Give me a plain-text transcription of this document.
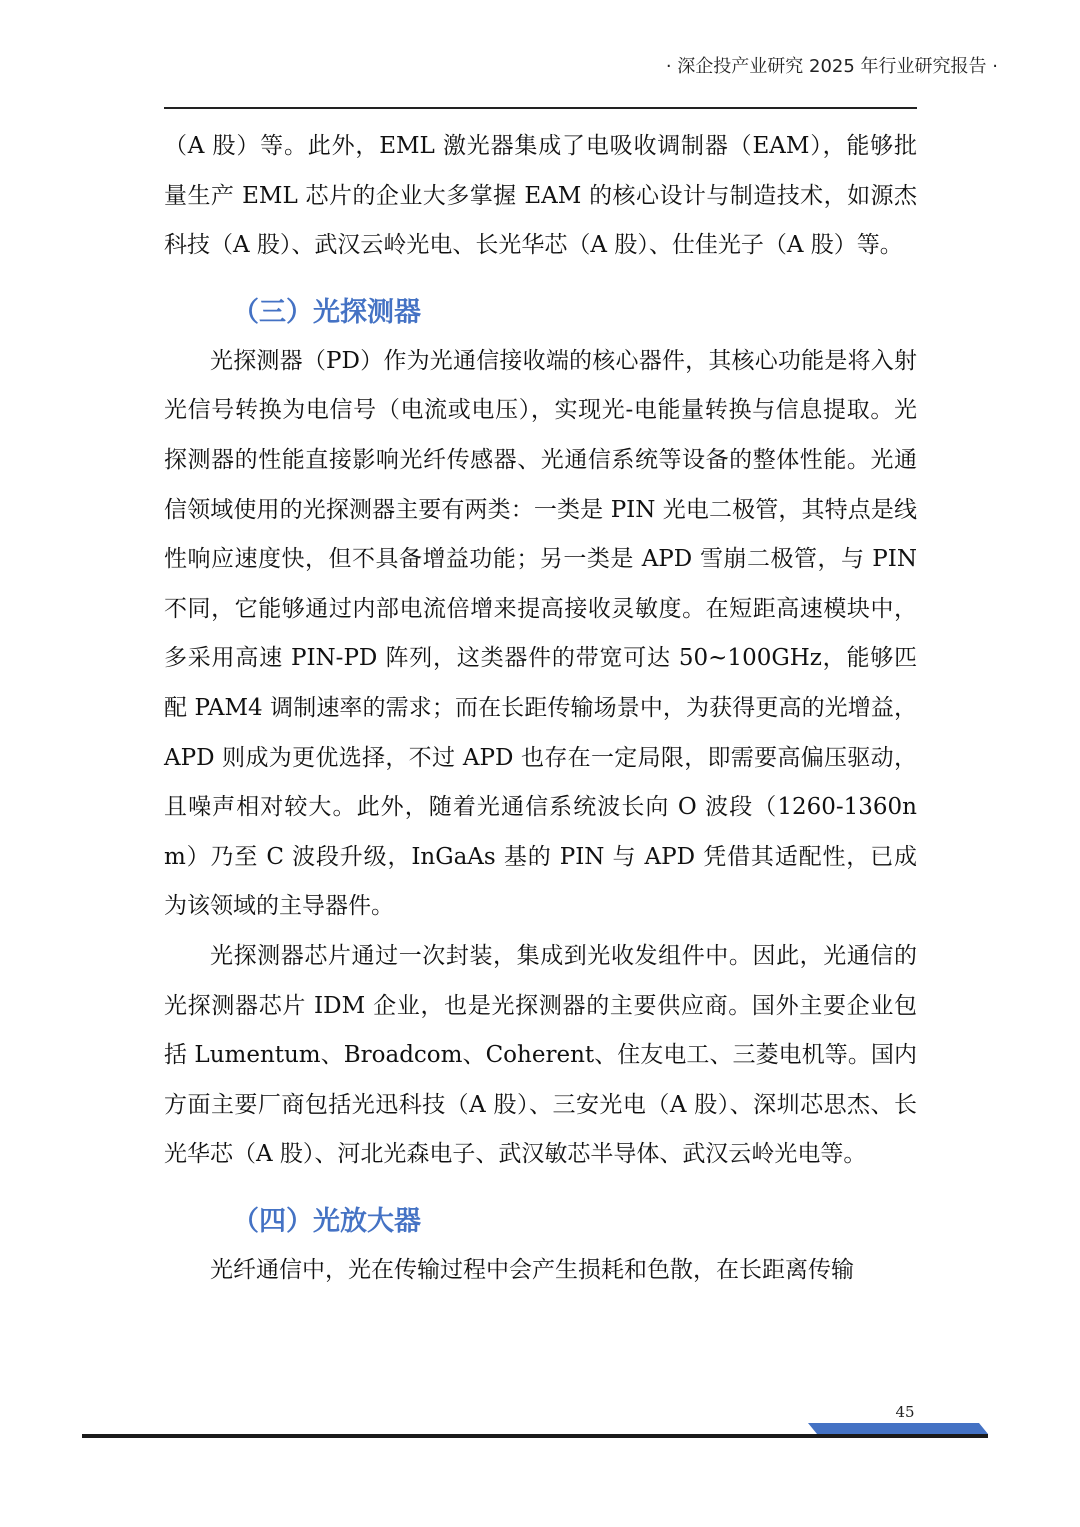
· 深企投产业研究 2025 年行业研究报告 ·

（A 股）等。此外，EML 激光器集成了电吸收调制器（EAM），能够批量生产 EML 芯片的企业大多掌握 EAM 的核心设计与制造技术，如源杰科技（A 股）、武汉云岭光电、长光华芯（A 股）、仕佳光子（A 股）等。

（三）光探测器

光探测器（PD）作为光通信接收端的核心器件，其核心功能是将入射光信号转换为电信号（电流或电压），实现光-电能量转换与信息提取。光探测器的性能直接影响光纤传感器、光通信系统等设备的整体性能。光通信领域使用的光探测器主要有两类：一类是 PIN 光电二极管，其特点是线性响应速度快，但不具备增益功能；另一类是 APD 雪崩二极管，与 PIN 不同，它能够通过内部电流倍增来提高接收灵敏度。在短距高速模块中，多采用高速 PIN-PD 阵列，这类器件的带宽可达 50~100GHz，能够匹配 PAM4 调制速率的需求；而在长距传输场景中，为获得更高的光增益，APD 则成为更优选择，不过 APD 也存在一定局限，即需要高偏压驱动，且噪声相对较大。此外，随着光通信系统波长向 O 波段（1260-1360nm）乃至 C 波段升级，InGaAs 基的 PIN 与 APD 凭借其适配性，已成为该领域的主导器件。

光探测器芯片通过一次封装，集成到光收发组件中。因此，光通信的光探测器芯片 IDM 企业，也是光探测器的主要供应商。国外主要企业包括 Lumentum、Broadcom、Coherent、住友电工、三菱电机等。国内方面主要厂商包括光迅科技（A 股）、三安光电（A 股）、深圳芯思杰、长光华芯（A 股）、河北光森电子、武汉敏芯半导体、武汉云岭光电等。

（四）光放大器

光纤通信中，光在传输过程中会产生损耗和色散，在长距离传输

45
